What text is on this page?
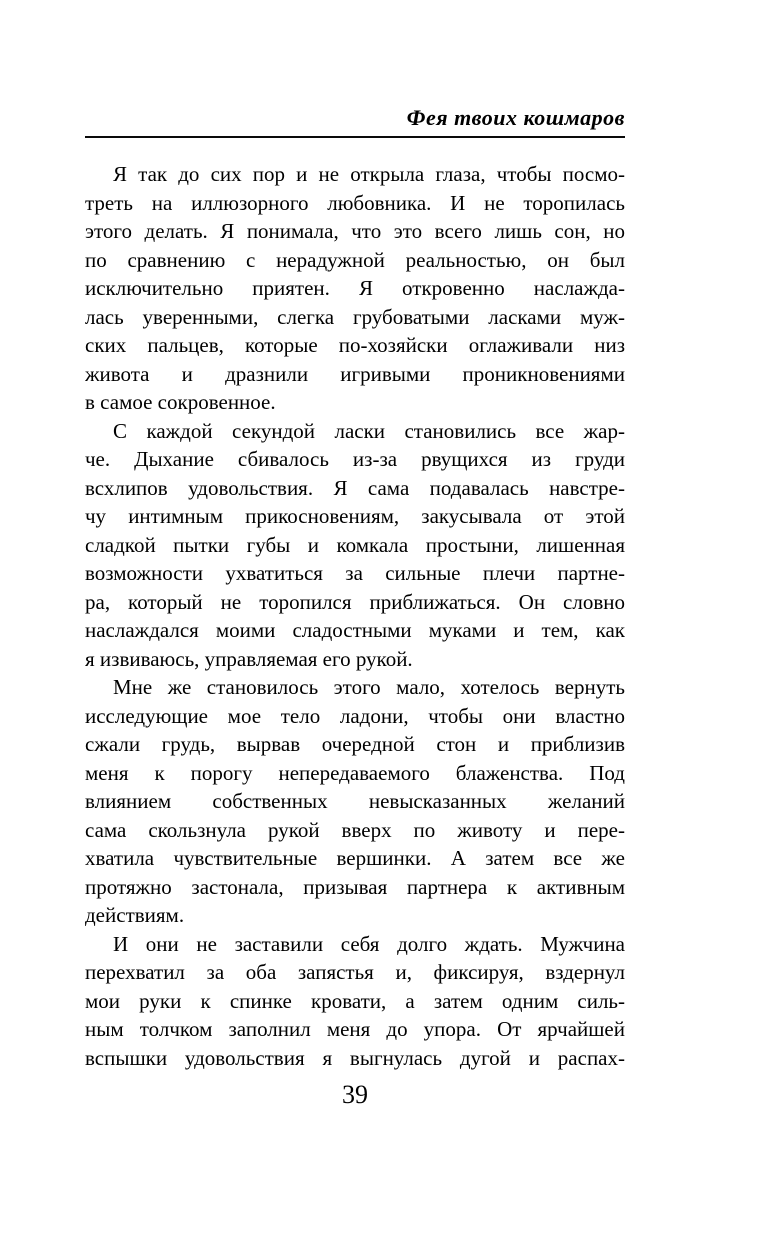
Фея твоих кошмаров
Я так до сих пор и не открыла глаза, чтобы посмо-
треть на иллюзорного любовника. И не торопилась
этого делать. Я понимала, что это всего лишь сон, но
по сравнению с нерадужной реальностью, он был
исключительно приятен. Я откровенно наслажда-
лась уверенными, слегка грубоватыми ласками муж-
ских пальцев, которые по-хозяйски оглаживали низ
живота и дразнили игривыми проникновениями
в самое сокровенное.
С каждой секундой ласки становились все жар-
че. Дыхание сбивалось из-за рвущихся из груди
всхлипов удовольствия. Я сама подавалась навстре-
чу интимным прикосновениям, закусывала от этой
сладкой пытки губы и комкала простыни, лишенная
возможности ухватиться за сильные плечи партне-
ра, который не торопился приближаться. Он словно
наслаждался моими сладостными муками и тем, как
я извиваюсь, управляемая его рукой.
Мне же становилось этого мало, хотелось вернуть
исследующие мое тело ладони, чтобы они властно
сжали грудь, вырвав очередной стон и приблизив
меня к порогу непередаваемого блаженства. Под
влиянием собственных невысказанных желаний
сама скользнула рукой вверх по животу и пере-
хватила чувствительные вершинки. А затем все же
протяжно застонала, призывая партнера к активным
действиям.
И они не заставили себя долго ждать. Мужчина
перехватил за оба запястья и, фиксируя, вздернул
мои руки к спинке кровати, а затем одним силь-
ным толчком заполнил меня до упора. От ярчайшей
вспышки удовольствия я выгнулась дугой и распах-
39
